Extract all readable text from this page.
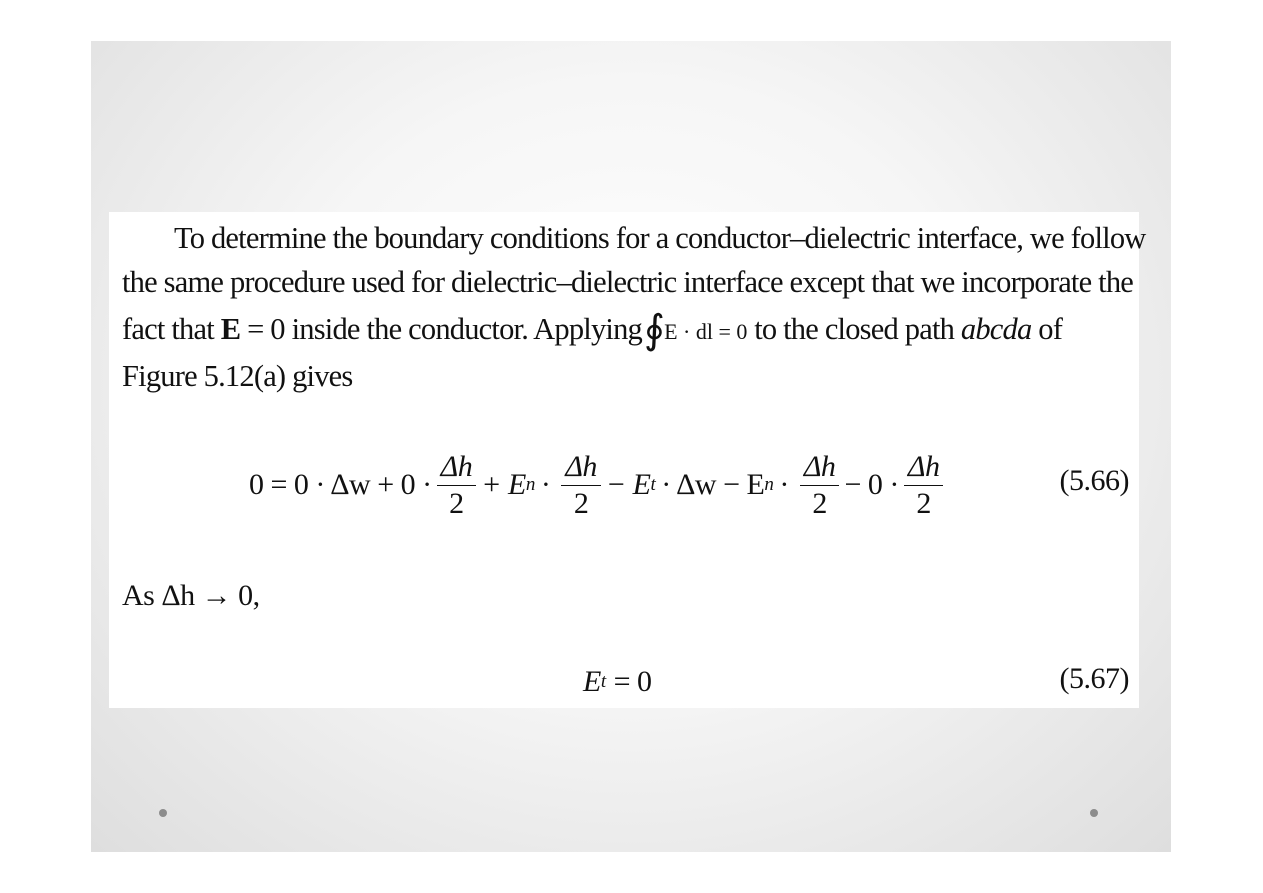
To determine the boundary conditions for a conductor–dielectric interface, we follow
the same procedure used for dielectric–dielectric interface except that we incorporate the
fact that E = 0 inside the conductor. Applying∮E · dl = 0 to the closed path abcda of
Figure 5.12(a) gives
$0 = 0 \cdot \Delta w + 0 \cdot \frac{\Delta h}{2} + E$ $n \cdot \frac{\Delta h}{2} - E$ t · Δw − E $n \cdot \frac{\Delta h}{2} - 0 \cdot \frac{\Delta h}{2}$	(5.66)
As Δh → 0,
E t = 0	(5.67)
